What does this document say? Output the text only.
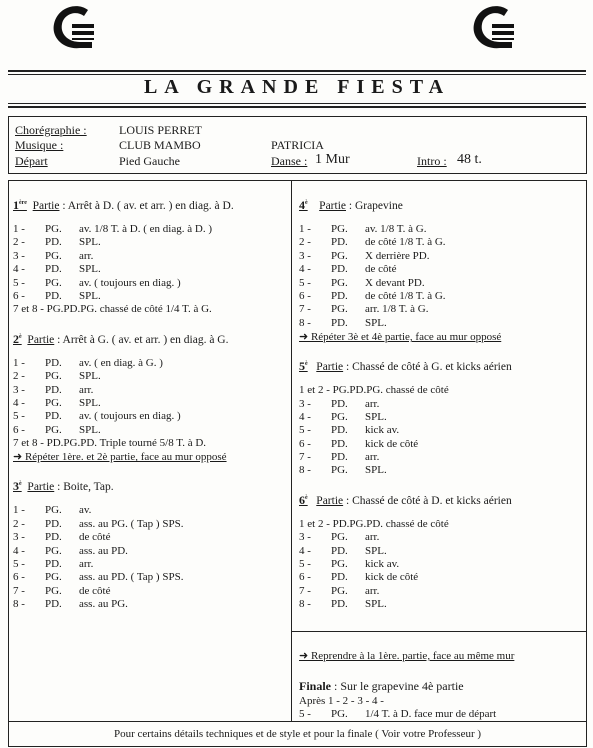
LA GRANDE FIESTA
Chorégraphie :	LOUIS PERRET
Musique :	CLUB MAMBO	PATRICIA
Départ	Pied Gauche	Danse : 1 Mur	Intro : 48 t.
1ère Partie : Arrêt à D. ( av. et arr. ) en diag. à D.
1 - PG. av. 1/8 T. à D. ( en diag. à D. )
2 - PD. SPL.
3 - PG. arr.
4 - PD. SPL.
5 - PG. av. ( toujours en diag. )
6 - PD. SPL.
7 et 8 - PG.PD.PG. chassé de côté 1/4 T. à G.
$2^è$ Partie : Arrêt à G. ( av. et arr. ) en diag. à G.
1 - PD. av. ( en diag. à G. )
2 - PG. SPL.
3 - PD. arr.
4 - PG. SPL.
5 - PD. av. ( toujours en diag. )
6 - PG. SPL.
7 et 8 - PD.PG.PD. Triple tourné 5/8 T. à D.
➜ Répéter 1ère. et 2è partie, face au mur opposé
$3^è$ Partie : Boite, Tap.
1 - PG. av.
2 - PD. ass. au PG. ( Tap ) SPS.
3 - PD. de côté
4 - PG. ass. au PD.
5 - PD. arr.
6 - PG. ass. au PD. ( Tap ) SPS.
7 - PG. de côté
8 - PD. ass. au PG.
$4^è$ Partie : Grapevine
1 - PG. av. 1/8 T. à G.
2 - PD. de côté 1/8 T. à G.
3 - PG. X derrière PD.
4 - PD. de côté
5 - PG. X devant PD.
6 - PD. de côté 1/8 T. à G.
7 - PG. arr. 1/8 T. à G.
8 - PD. SPL.
➜ Répéter 3è et 4è partie, face au mur opposé
$5^è$ Partie : Chassé de côté à G. et kicks aérien
1 et 2 - PG.PD.PG. chassé de côté
3 - PD. arr.
4 - PG. SPL.
5 - PD. kick av.
6 - PD. kick de côté
7 - PD. arr.
8 - PG. SPL.
$6^è$ Partie : Chassé de côté à D. et kicks aérien
1 et 2 - PD.PG.PD. chassé de côté
3 - PG. arr.
4 - PD. SPL.
5 - PG. kick av.
6 - PD. kick de côté
7 - PG. arr.
8 - PD. SPL.
➜ Reprendre à la 1ère. partie, face au même mur
Finale : Sur le grapevine 4è partie
Après 1 - 2 - 3 - 4 -
5 - PG. 1/4 T. à D. face mur de départ
Pour certains détails techniques et de style et pour la finale ( Voir votre Professeur )
